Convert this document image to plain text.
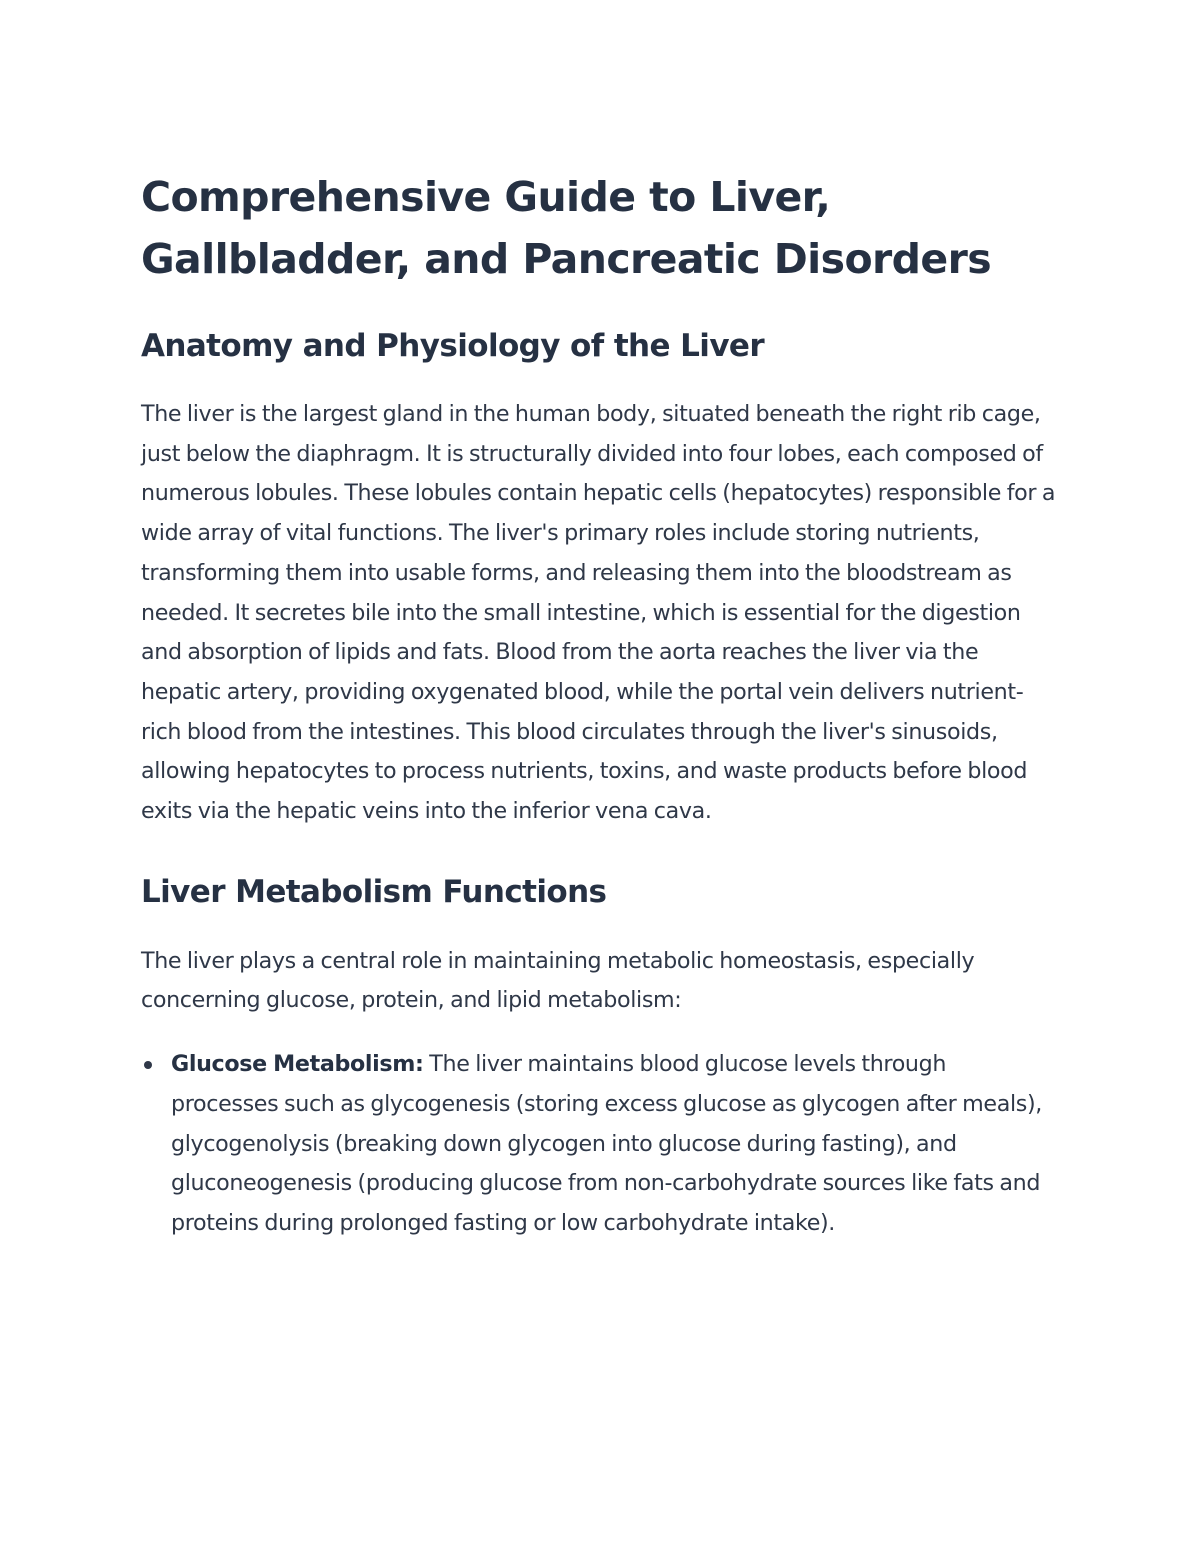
Comprehensive Guide to Liver, Gallbladder, and Pancreatic Disorders
Anatomy and Physiology of the Liver

The liver is the largest gland in the human body, situated beneath the right rib cage, just below the diaphragm. It is structurally divided into four lobes, each composed of numerous lobules. These lobules contain hepatic cells (hepatocytes) responsible for a wide array of vital functions. The liver's primary roles include storing nutrients, transforming them into usable forms, and releasing them into the bloodstream as needed. It secretes bile into the small intestine, which is essential for the digestion and absorption of lipids and fats. Blood from the aorta reaches the liver via the hepatic artery, providing oxygenated blood, while the portal vein delivers nutrient-rich blood from the intestines. This blood circulates through the liver's sinusoids, allowing hepatocytes to process nutrients, toxins, and waste products before blood exits via the hepatic veins into the inferior vena cava.

Liver Metabolism Functions

The liver plays a central role in maintaining metabolic homeostasis, especially concerning glucose, protein, and lipid metabolism:

Glucose Metabolism: The liver maintains blood glucose levels through processes such as glycogenesis (storing excess glucose as glycogen after meals), glycogenolysis (breaking down glycogen into glucose during fasting), and gluconeogenesis (producing glucose from non-carbohydrate sources like fats and proteins during prolonged fasting or low carbohydrate intake).
